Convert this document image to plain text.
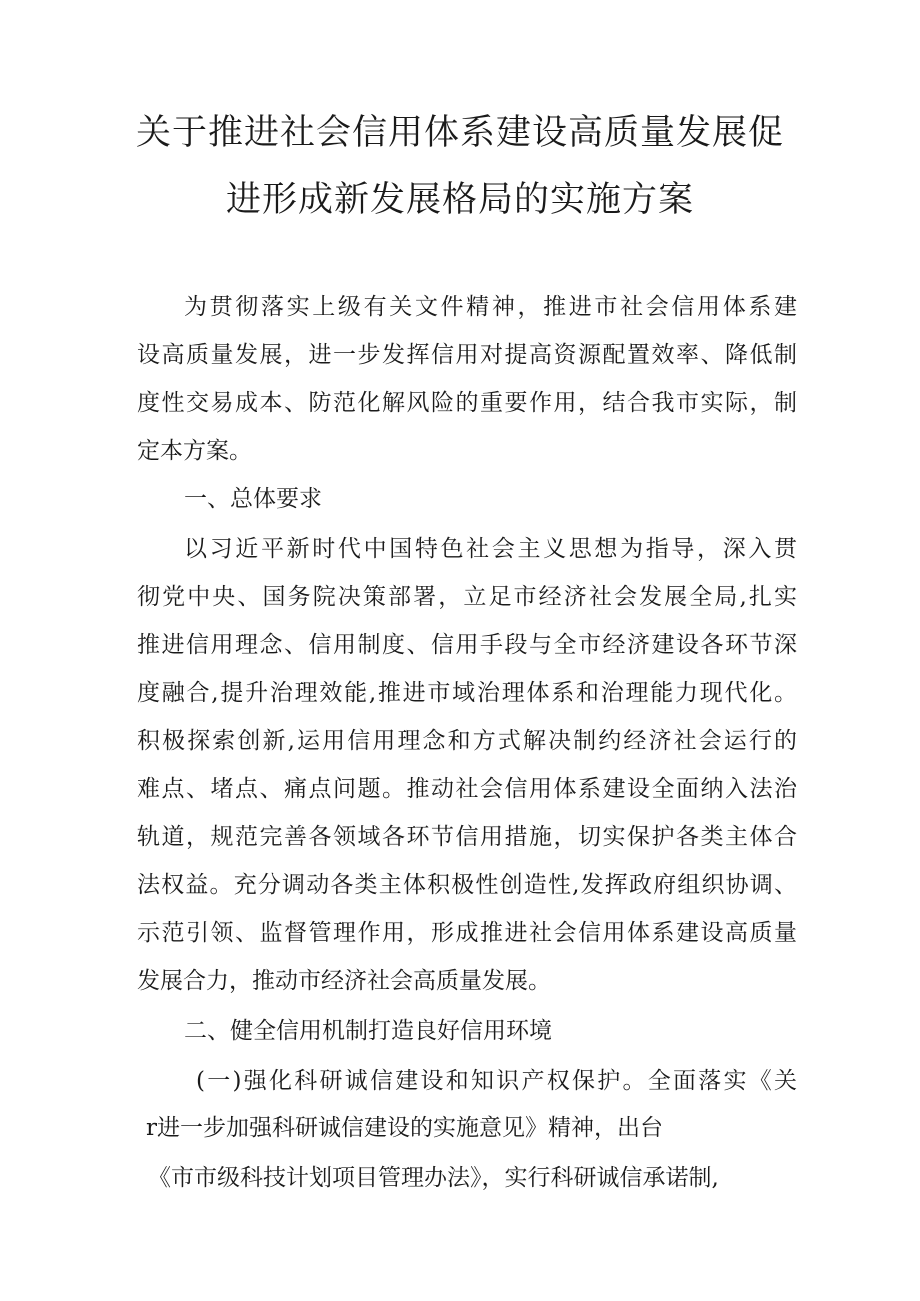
关于推进社会信用体系建设高质量发展促
进形成新发展格局的实施方案
为贯彻落实上级有关文件精神，推进市社会信用体系建
设高质量发展，进一步发挥信用对提高资源配置效率、降低制
度性交易成本、防范化解风险的重要作用，结合我市实际，制
定本方案。
一、总体要求
以习近平新时代中国特色社会主义思想为指导，深入贯
彻党中央、国务院决策部署，立足市经济社会发展全局,扎实
推进信用理念、信用制度、信用手段与全市经济建设各环节深
度融合,提升治理效能,推进市域治理体系和治理能力现代化。
积极探索创新,运用信用理念和方式解决制约经济社会运行的
难点、堵点、痛点问题。推动社会信用体系建设全面纳入法治
轨道，规范完善各领域各环节信用措施，切实保护各类主体合
法权益。充分调动各类主体积极性创造性,发挥政府组织协调、
示范引领、监督管理作用，形成推进社会信用体系建设高质量
发展合力，推动市经济社会高质量发展。
二、健全信用机制打造良好信用环境
(一)强化科研诚信建设和知识产权保护。全面落实《关
r进一步加强科研诚信建设的实施意见》精神，出台
《市市级科技计划项目管理办法》，实行科研诚信承诺制,
